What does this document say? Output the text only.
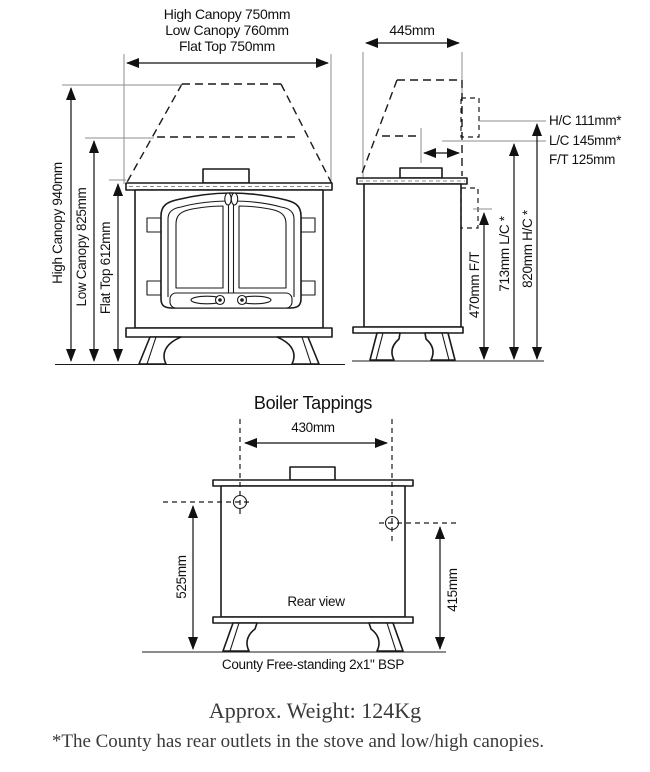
High Canopy 750mm
Low Canopy 760mm
Flat Top 750mm
High Canopy 940mm Low Canopy 825mm Flat Top 612mm
445mm
H/C 111mm*
L/C 145mm*
F/T 125mm
470mm F/T 713mm L/C * 820mm H/C *
Boiler Tappings
430mm
525mm	415mm
Rear view
County Free-standing 2x1" BSP
Approx. Weight: 124Kg
*The County has rear outlets in the stove and low/high canopies.
